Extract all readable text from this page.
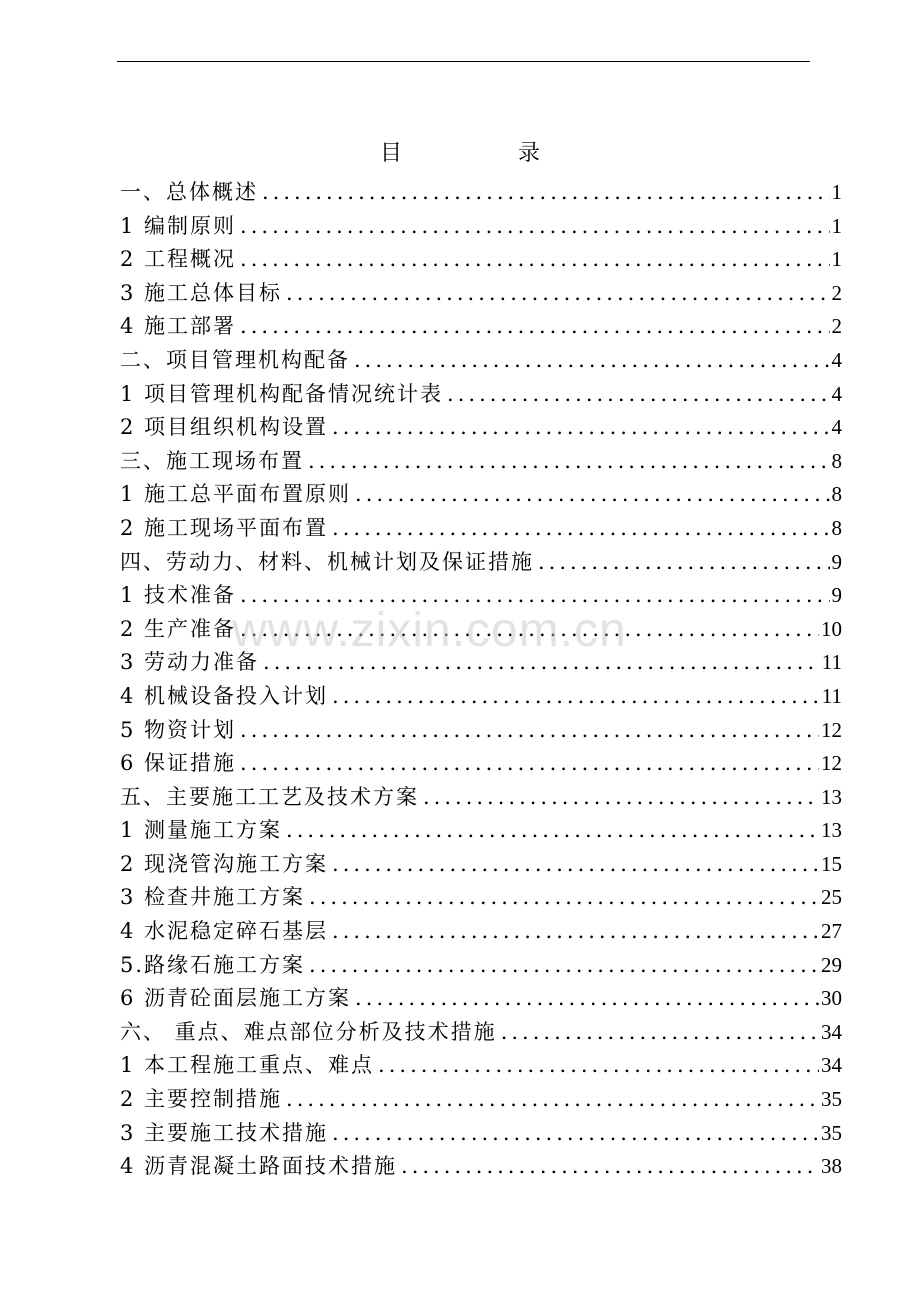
目	录
一、总体概述 .....	1
1 编制原则 .....	1
2 工程概况 .....	1
3 施工总体目标 .....	2
4 施工部署 .....	2
二、项目管理机构配备 .....	4
1 项目管理机构配备情况统计表 .....	4
2 项目组织机构设置 .....	4
三、施工现场布置 .....	8
1 施工总平面布置原则 .....	8
2 施工现场平面布置 .....	8
四、劳动力、材料、机械计划及保证措施 .....	9
1 技术准备 .....	9
2 生产准备 .....	10
3 劳动力准备 .....	11
4 机械设备投入计划 .....	11
5 物资计划 .....	12
6 保证措施 .....	12
五、主要施工工艺及技术方案 .....	13
1 测量施工方案 .....	13
2 现浇管沟施工方案 .....	15
3 检查井施工方案 .....	25
4 水泥稳定碎石基层 .....	27
5.路缘石施工方案 .....	29
6 沥青砼面层施工方案 .....	30
六、 重点、难点部位分析及技术措施 .....	34
1 本工程施工重点、难点 .....	34
2 主要控制措施 .....	35
3 主要施工技术措施 .....	35
4 沥青混凝土路面技术措施 .....	38
www.zixin.com.cn
